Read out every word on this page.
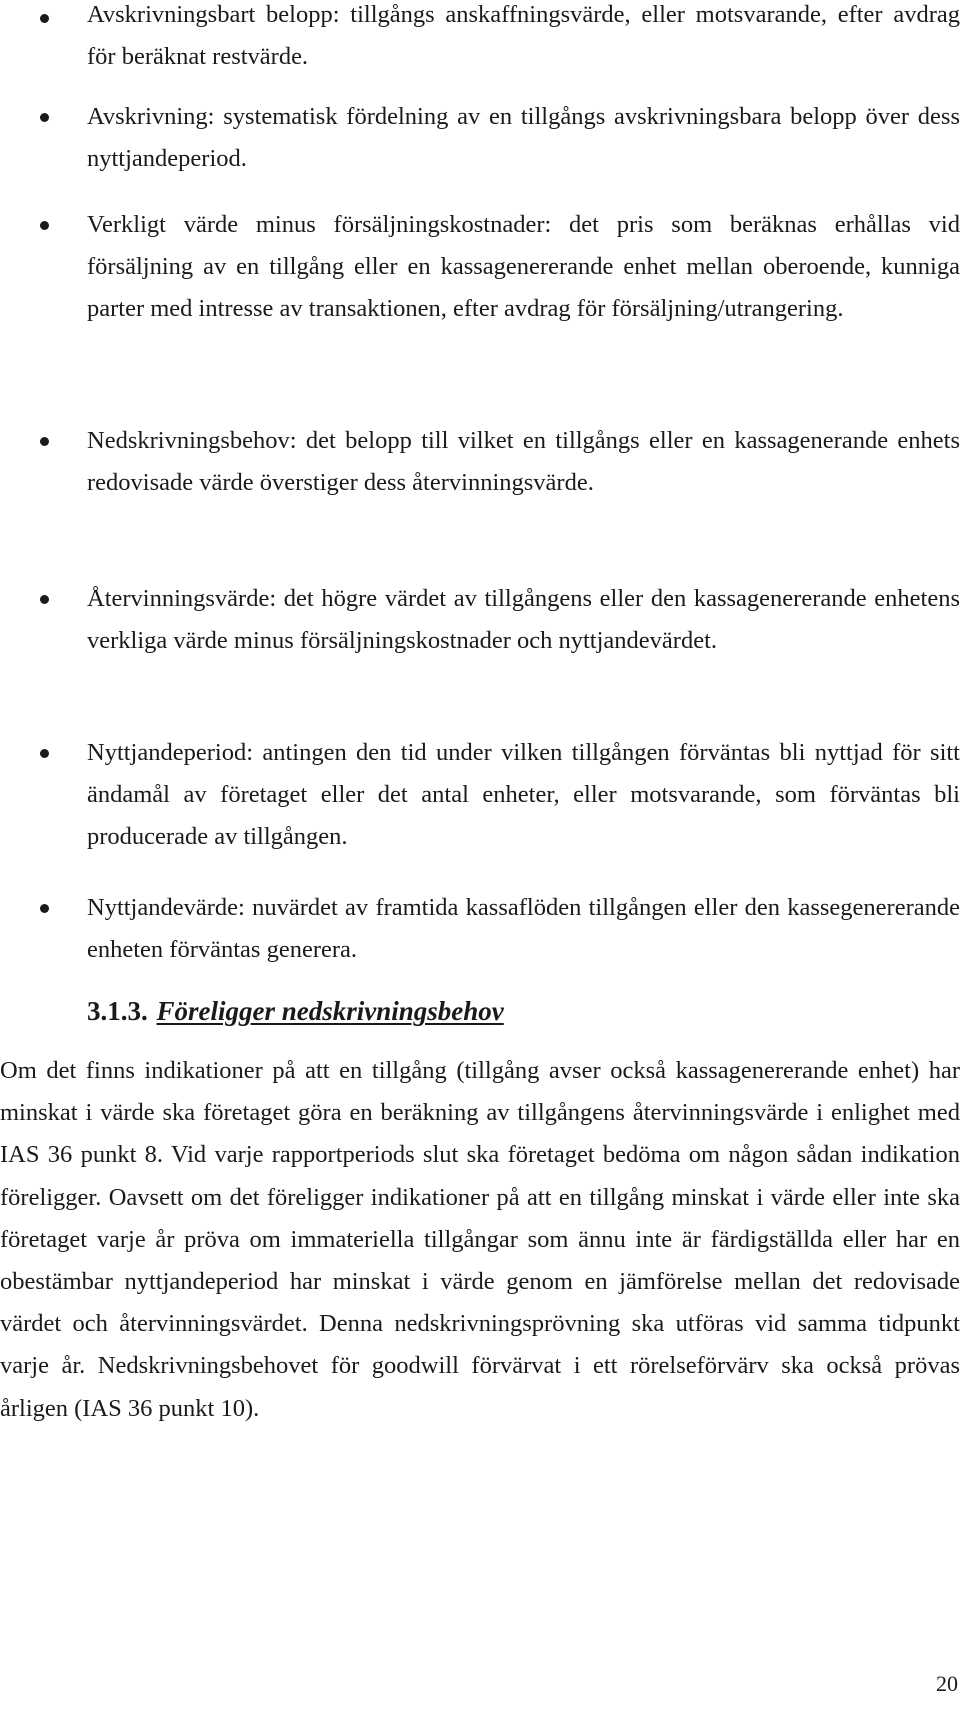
Avskrivningsbart belopp: tillgångs anskaffningsvärde, eller motsvarande, efter avdrag för beräknat restvärde.
Avskrivning: systematisk fördelning av en tillgångs avskrivningsbara belopp över dess nyttjandeperiod.
Verkligt värde minus försäljningskostnader: det pris som beräknas erhållas vid försäljning av en tillgång eller en kassagenererande enhet mellan oberoende, kunniga parter med intresse av transaktionen, efter avdrag för försäljning/utrangering.
Nedskrivningsbehov: det belopp till vilket en tillgångs eller en kassagenerande enhets redovisade värde överstiger dess återvinningsvärde.
Återvinningsvärde: det högre värdet av tillgångens eller den kassagenererande enhetens verkliga värde minus försäljningskostnader och nyttjandevärdet.
Nyttjandeperiod: antingen den tid under vilken tillgången förväntas bli nyttjad för sitt ändamål av företaget eller det antal enheter, eller motsvarande, som förväntas bli producerade av tillgången.
Nyttjandevärde: nuvärdet av framtida kassaflöden tillgången eller den kassegenererande enheten förväntas generera.
3.1.3. Föreligger nedskrivningsbehov
Om det finns indikationer på att en tillgång (tillgång avser också kassagenererande enhet) har minskat i värde ska företaget göra en beräkning av tillgångens återvinningsvärde i enlighet med IAS 36 punkt 8. Vid varje rapportperiods slut ska företaget bedöma om någon sådan indikation föreligger. Oavsett om det föreligger indikationer på att en tillgång minskat i värde eller inte ska företaget varje år pröva om immateriella tillgångar som ännu inte är färdigställda eller har en obestämbar nyttjandeperiod har minskat i värde genom en jämförelse mellan det redovisade värdet och återvinningsvärdet. Denna nedskrivningsprövning ska utföras vid samma tidpunkt varje år. Nedskrivningsbehovet för goodwill förvärvat i ett rörelseförvärv ska också prövas årligen (IAS 36 punkt 10).
20
